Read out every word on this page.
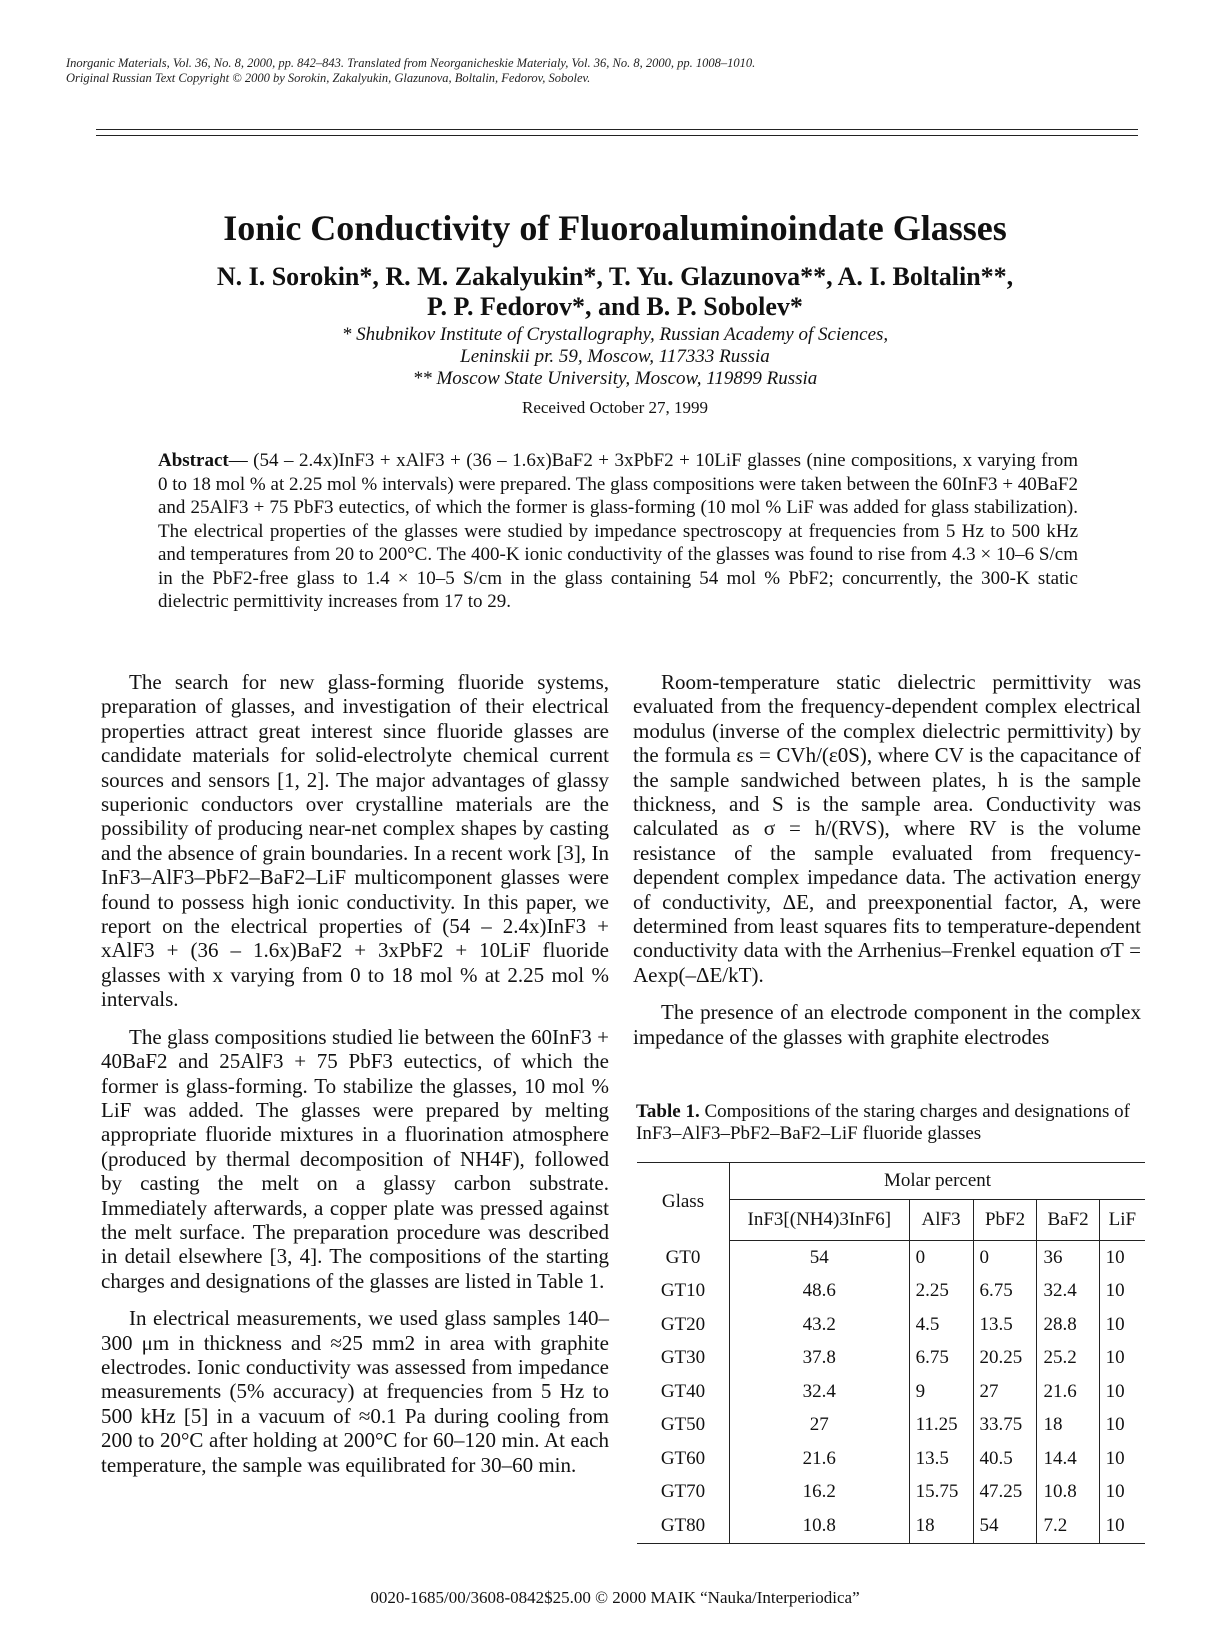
Inorganic Materials, Vol. 36, No. 8, 2000, pp. 842–843. Translated from Neorganicheskie Materialy, Vol. 36, No. 8, 2000, pp. 1008–1010.
Original Russian Text Copyright © 2000 by Sorokin, Zakalyukin, Glazunova, Boltalin, Fedorov, Sobolev.
Ionic Conductivity of Fluoroaluminoindate Glasses
N. I. Sorokin*, R. M. Zakalyukin*, T. Yu. Glazunova**, A. I. Boltalin**,
P. P. Fedorov*, and B. P. Sobolev*
* Shubnikov Institute of Crystallography, Russian Academy of Sciences,
Leninskii pr. 59, Moscow, 117333 Russia
** Moscow State University, Moscow, 119899 Russia
Received October 27, 1999
Abstract— (54 – 2.4x)InF3 + xAlF3 + (36 – 1.6x)BaF2 + 3xPbF2 + 10LiF glasses (nine compositions, x varying from 0 to 18 mol % at 2.25 mol % intervals) were prepared. The glass compositions were taken between the 60InF3 + 40BaF2 and 25AlF3 + 75 PbF3 eutectics, of which the former is glass-forming (10 mol % LiF was added for glass stabilization). The electrical properties of the glasses were studied by impedance spectroscopy at frequencies from 5 Hz to 500 kHz and temperatures from 20 to 200°C. The 400-K ionic conductivity of the glasses was found to rise from 4.3 × 10–6 S/cm in the PbF2-free glass to 1.4 × 10–5 S/cm in the glass containing 54 mol % PbF2; concurrently, the 300-K static dielectric permittivity increases from 17 to 29.

The search for new glass-forming fluoride systems, preparation of glasses, and investigation of their electrical properties attract great interest since fluoride glasses are candidate materials for solid-electrolyte chemical current sources and sensors [1, 2]. The major advantages of glassy superionic conductors over crystalline materials are the possibility of producing near-net complex shapes by casting and the absence of grain boundaries. In a recent work [3], In InF3–AlF3–PbF2–BaF2–LiF multicomponent glasses were found to possess high ionic conductivity. In this paper, we report on the electrical properties of (54 – 2.4x)InF3 + xAlF3 + (36 – 1.6x)BaF2 + 3xPbF2 + 10LiF fluoride glasses with x varying from 0 to 18 mol % at 2.25 mol % intervals.

The glass compositions studied lie between the 60InF3 + 40BaF2 and 25AlF3 + 75 PbF3 eutectics, of which the former is glass-forming. To stabilize the glasses, 10 mol % LiF was added. The glasses were prepared by melting appropriate fluoride mixtures in a fluorination atmosphere (produced by thermal decomposition of NH4F), followed by casting the melt on a glassy carbon substrate. Immediately afterwards, a copper plate was pressed against the melt surface. The preparation procedure was described in detail elsewhere [3, 4]. The compositions of the starting charges and designations of the glasses are listed in Table 1.

In electrical measurements, we used glass samples 140–300 μm in thickness and ≈25 mm2 in area with graphite electrodes. Ionic conductivity was assessed from impedance measurements (5% accuracy) at frequencies from 5 Hz to 500 kHz [5] in a vacuum of ≈0.1 Pa during cooling from 200 to 20°C after holding at 200°C for 60–120 min. At each temperature, the sample was equilibrated for 30–60 min.

Room-temperature static dielectric permittivity was evaluated from the frequency-dependent complex electrical modulus (inverse of the complex dielectric permittivity) by the formula εs = CVh/(ε0S), where CV is the capacitance of the sample sandwiched between plates, h is the sample thickness, and S is the sample area. Conductivity was calculated as σ = h/(RVS), where RV is the volume resistance of the sample evaluated from frequency-dependent complex impedance data. The activation energy of conductivity, ΔE, and preexponential factor, A, were determined from least squares fits to temperature-dependent conductivity data with the Arrhenius–Frenkel equation σT = Aexp(–ΔE/kT).

The presence of an electrode component in the complex impedance of the glasses with graphite electrodes

Table 1. Compositions of the staring charges and designations of InF3–AlF3–PbF2–BaF2–LiF fluoride glasses
Glass	Molar percent				
	InF3[(NH4)3InF6]	AlF3	PbF2	BaF2	LiF
GT0	54	0	0	36	10
GT10	48.6	2.25	6.75	32.4	10
GT20	43.2	4.5	13.5	28.8	10
GT30	37.8	6.75	20.25	25.2	10
GT40	32.4	9	27	21.6	10
GT50	27	11.25	33.75	18	10
GT60	21.6	13.5	40.5	14.4	10
GT70	16.2	15.75	47.25	10.8	10
GT80	10.8	18	54	7.2	10
0020-1685/00/3608-0842$25.00 © 2000 MAIK “Nauka/Interperiodica”
